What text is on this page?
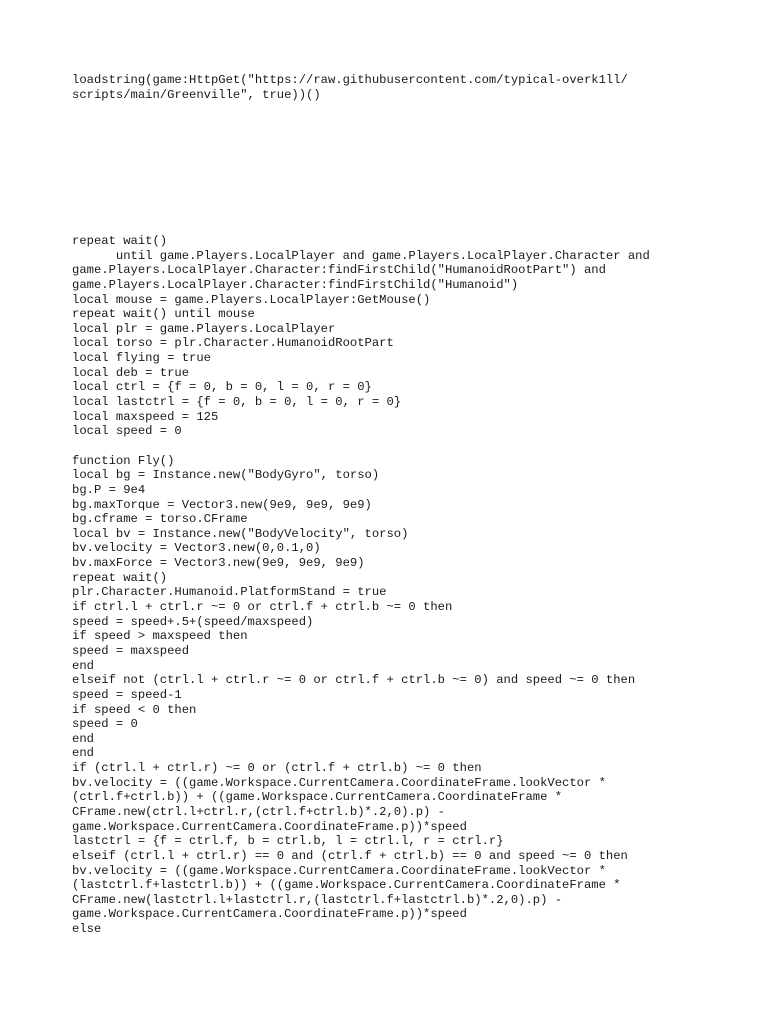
loadstring(game:HttpGet("https://raw.githubusercontent.com/typical-overk1ll/
scripts/main/Greenville", true))()
repeat wait()
until game.Players.LocalPlayer and game.Players.LocalPlayer.Character and
game.Players.LocalPlayer.Character:findFirstChild("HumanoidRootPart") and
game.Players.LocalPlayer.Character:findFirstChild("Humanoid")
local mouse = game.Players.LocalPlayer:GetMouse()
repeat wait() until mouse
local plr = game.Players.LocalPlayer
local torso = plr.Character.HumanoidRootPart
local flying = true
local deb = true
local ctrl = {f = 0, b = 0, l = 0, r = 0}
local lastctrl = {f = 0, b = 0, l = 0, r = 0}
local maxspeed = 125
local speed = 0
function Fly()
local bg = Instance.new("BodyGyro", torso)
bg.P = 9e4
bg.maxTorque = Vector3.new(9e9, 9e9, 9e9)
bg.cframe = torso.CFrame
local bv = Instance.new("BodyVelocity", torso)
bv.velocity = Vector3.new(0,0.1,0)
bv.maxForce = Vector3.new(9e9, 9e9, 9e9)
repeat wait()
plr.Character.Humanoid.PlatformStand = true
if ctrl.l + ctrl.r ~= 0 or ctrl.f + ctrl.b ~= 0 then
speed = speed+.5+(speed/maxspeed)
if speed > maxspeed then
speed = maxspeed
end
elseif not (ctrl.l + ctrl.r ~= 0 or ctrl.f + ctrl.b ~= 0) and speed ~= 0 then
speed = speed-1
if speed < 0 then
speed = 0
end
end
if (ctrl.l + ctrl.r) ~= 0 or (ctrl.f + ctrl.b) ~= 0 then
bv.velocity = ((game.Workspace.CurrentCamera.CoordinateFrame.lookVector *
(ctrl.f+ctrl.b)) + ((game.Workspace.CurrentCamera.CoordinateFrame *
CFrame.new(ctrl.l+ctrl.r,(ctrl.f+ctrl.b)*.2,0).p) -
game.Workspace.CurrentCamera.CoordinateFrame.p))*speed
lastctrl = {f = ctrl.f, b = ctrl.b, l = ctrl.l, r = ctrl.r}
elseif (ctrl.l + ctrl.r) == 0 and (ctrl.f + ctrl.b) == 0 and speed ~= 0 then
bv.velocity = ((game.Workspace.CurrentCamera.CoordinateFrame.lookVector *
(lastctrl.f+lastctrl.b)) + ((game.Workspace.CurrentCamera.CoordinateFrame *
CFrame.new(lastctrl.l+lastctrl.r,(lastctrl.f+lastctrl.b)*.2,0).p) -
game.Workspace.CurrentCamera.CoordinateFrame.p))*speed
else
